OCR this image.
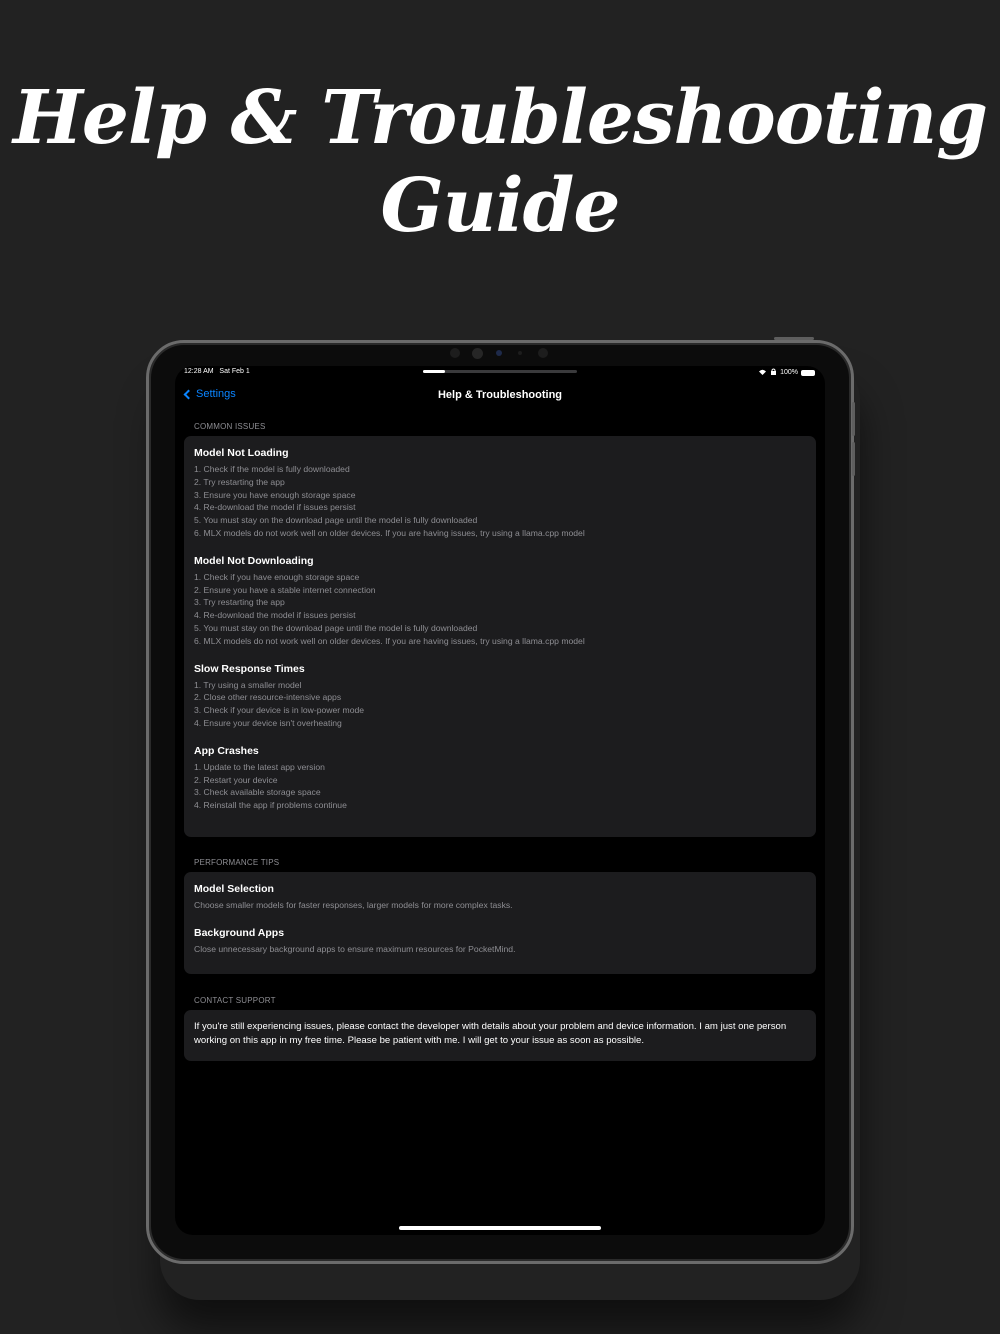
Help & Troubleshooting
Guide
12:28 AM Sat Feb 1	100%
Settings	Help & Troubleshooting
COMMON ISSUES
Model Not Loading
1. Check if the model is fully downloaded
2. Try restarting the app
3. Ensure you have enough storage space
4. Re-download the model if issues persist
5. You must stay on the download page until the model is fully downloaded
6. MLX models do not work well on older devices. If you are having issues, try using a llama.cpp model
Model Not Downloading
1. Check if you have enough storage space
2. Ensure you have a stable internet connection
3. Try restarting the app
4. Re-download the model if issues persist
5. You must stay on the download page until the model is fully downloaded
6. MLX models do not work well on older devices. If you are having issues, try using a llama.cpp model
Slow Response Times
1. Try using a smaller model
2. Close other resource-intensive apps
3. Check if your device is in low-power mode
4. Ensure your device isn't overheating
App Crashes
1. Update to the latest app version
2. Restart your device
3. Check available storage space
4. Reinstall the app if problems continue
PERFORMANCE TIPS
Model Selection
Choose smaller models for faster responses, larger models for more complex tasks.
Background Apps
Close unnecessary background apps to ensure maximum resources for PocketMind.
CONTACT SUPPORT
If you're still experiencing issues, please contact the developer with details about your problem and device information. I am just one person working on this app in my free time. Please be patient with me. I will get to your issue as soon as possible.
